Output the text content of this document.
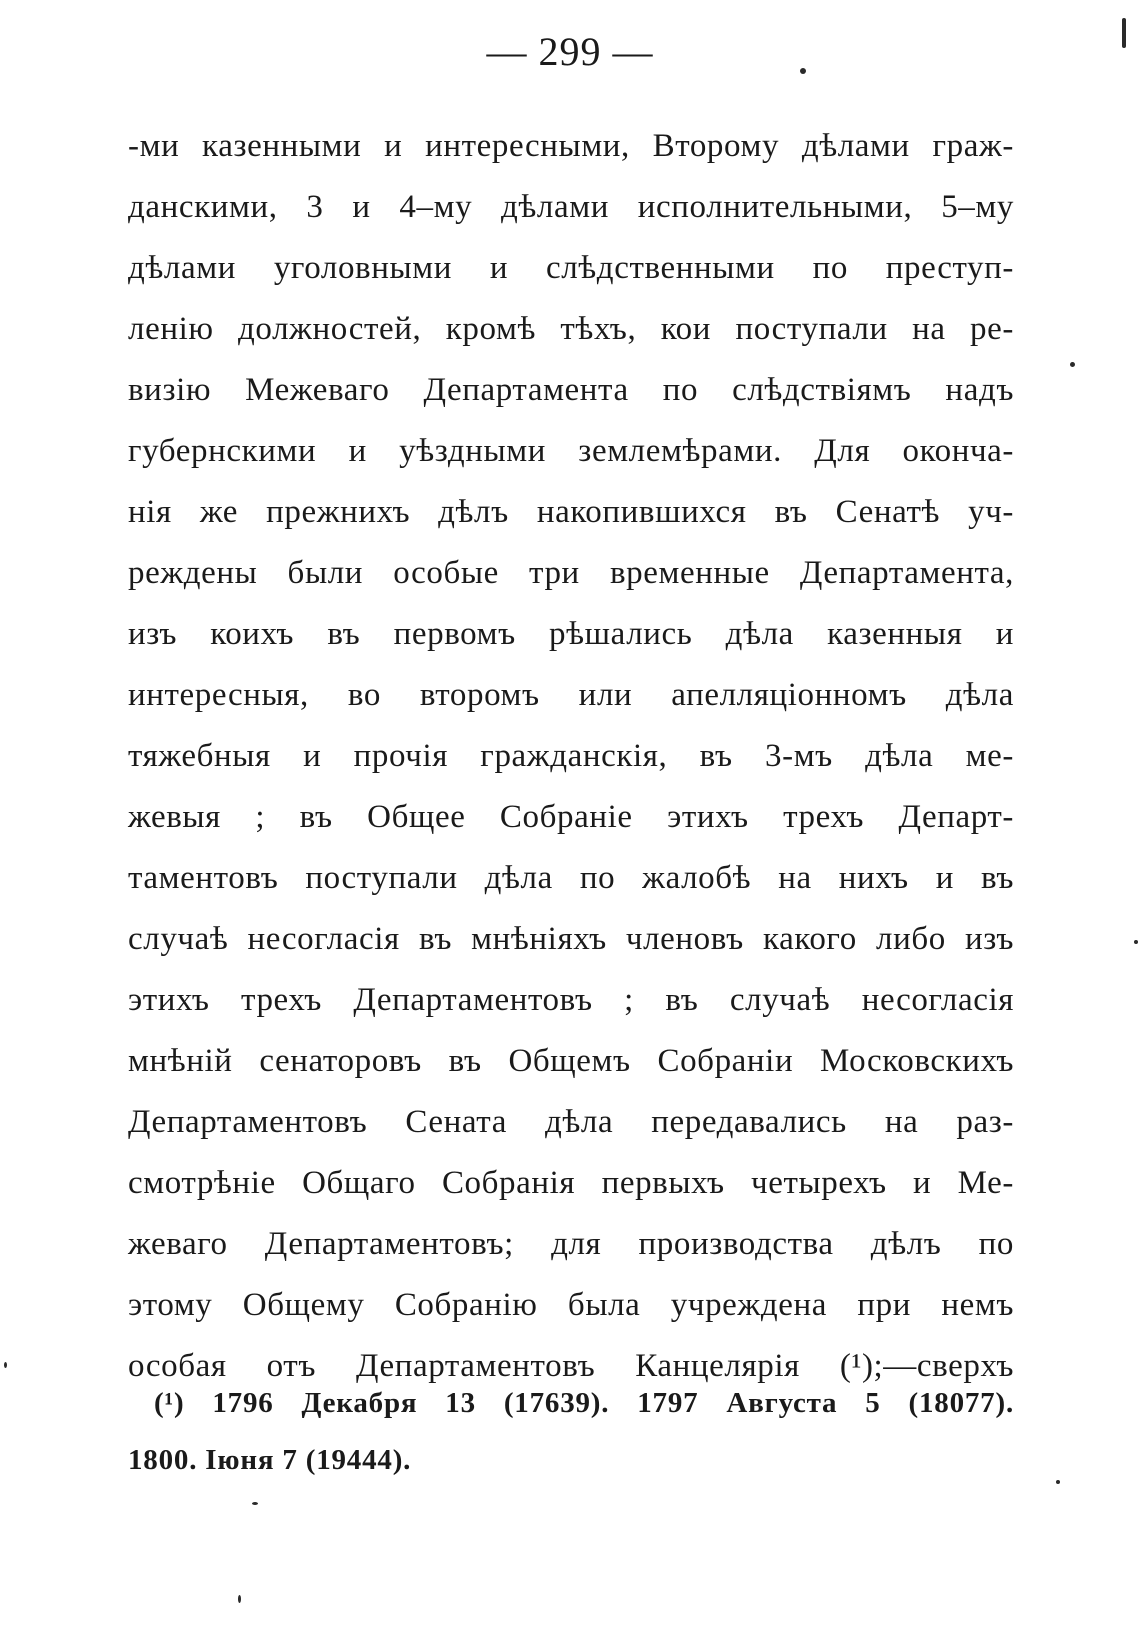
— 299 —
-ми казенными и интересными, Второму дѣлами граж-
данскими, 3 и 4–му дѣлами исполнительными, 5–му
дѣлами уголовными и слѣдственными по преступ-
ленію должностей, кромѣ тѣхъ, кои поступали на ре-
визію Межеваго Департамента по слѣдствіямъ надъ
губернскими и уѣздными землемѣрами. Для оконча-
нія же прежнихъ дѣлъ накопившихся въ Сенатѣ уч-
реждены были особые три временные Департамента,
изъ коихъ въ первомъ рѣшались дѣла казенныя и
интересныя, во второмъ или апелляціонномъ дѣла
тяжебныя и прочія гражданскія, въ 3-мъ дѣла ме-
жевыя ; въ Общее Собраніе этихъ трехъ Департ-
таментовъ поступали дѣла по жалобѣ на нихъ и въ
случаѣ несогласія въ мнѣніяхъ членовъ какого либо изъ
этихъ трехъ Департаментовъ ; въ случаѣ несогласія
мнѣній сенаторовъ въ Общемъ Собраніи Московскихъ
Департаментовъ Сената дѣла передавались на раз-
смотрѣніе Общаго Собранія первыхъ четырехъ и Ме-
жеваго Департаментовъ; для производства дѣлъ по
этому Общему Собранію была учреждена при немъ
особая отъ Департаментовъ Канцелярія (¹);—сверхъ
(¹) 1796 Декабря 13 (17639). 1797 Августа 5 (18077).
1800. Іюня 7 (19444).
